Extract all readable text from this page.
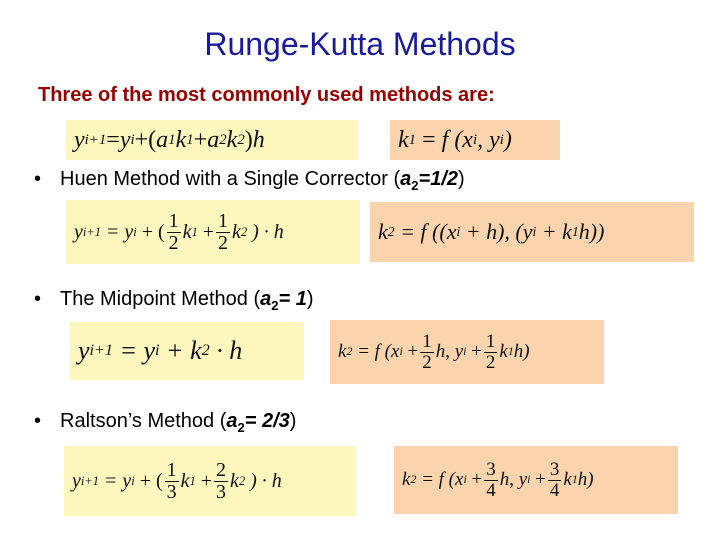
Runge-Kutta Methods
Three of the most commonly used methods are:
y i+1 = y i + ( a 1 k 1 + a 2 k 2 ) h	k 1
=
f
(x i , y i )
• Huen Method with a Single Corrector $(a_2=1/2)$
y i+1
= y i
+ ( $\frac{1}{2}$ k 1
+ $\frac{1}{2}$ k 2
) · h	k 2
= f ((x i
+ h), (y i
+ k 1 h))
• The Midpoint Method $(a_2= 1)$
y i+1
= y i
+ k 2
· h	k 2
= f (x i
+ $\frac{1}{2} h$, y i
+ $\frac{1}{2}$ k 1 h)
• Raltson’s Method $(a_2= 2/3)$
y i+1
= y i
+ ( $\frac{1}{3}$ k 1
+ $\frac{2}{3}$ k 2
) · h	k 2
= f (x i
+ $\frac{3}{4} h$, y i
+ $\frac{3}{4}$ k 1 h)
